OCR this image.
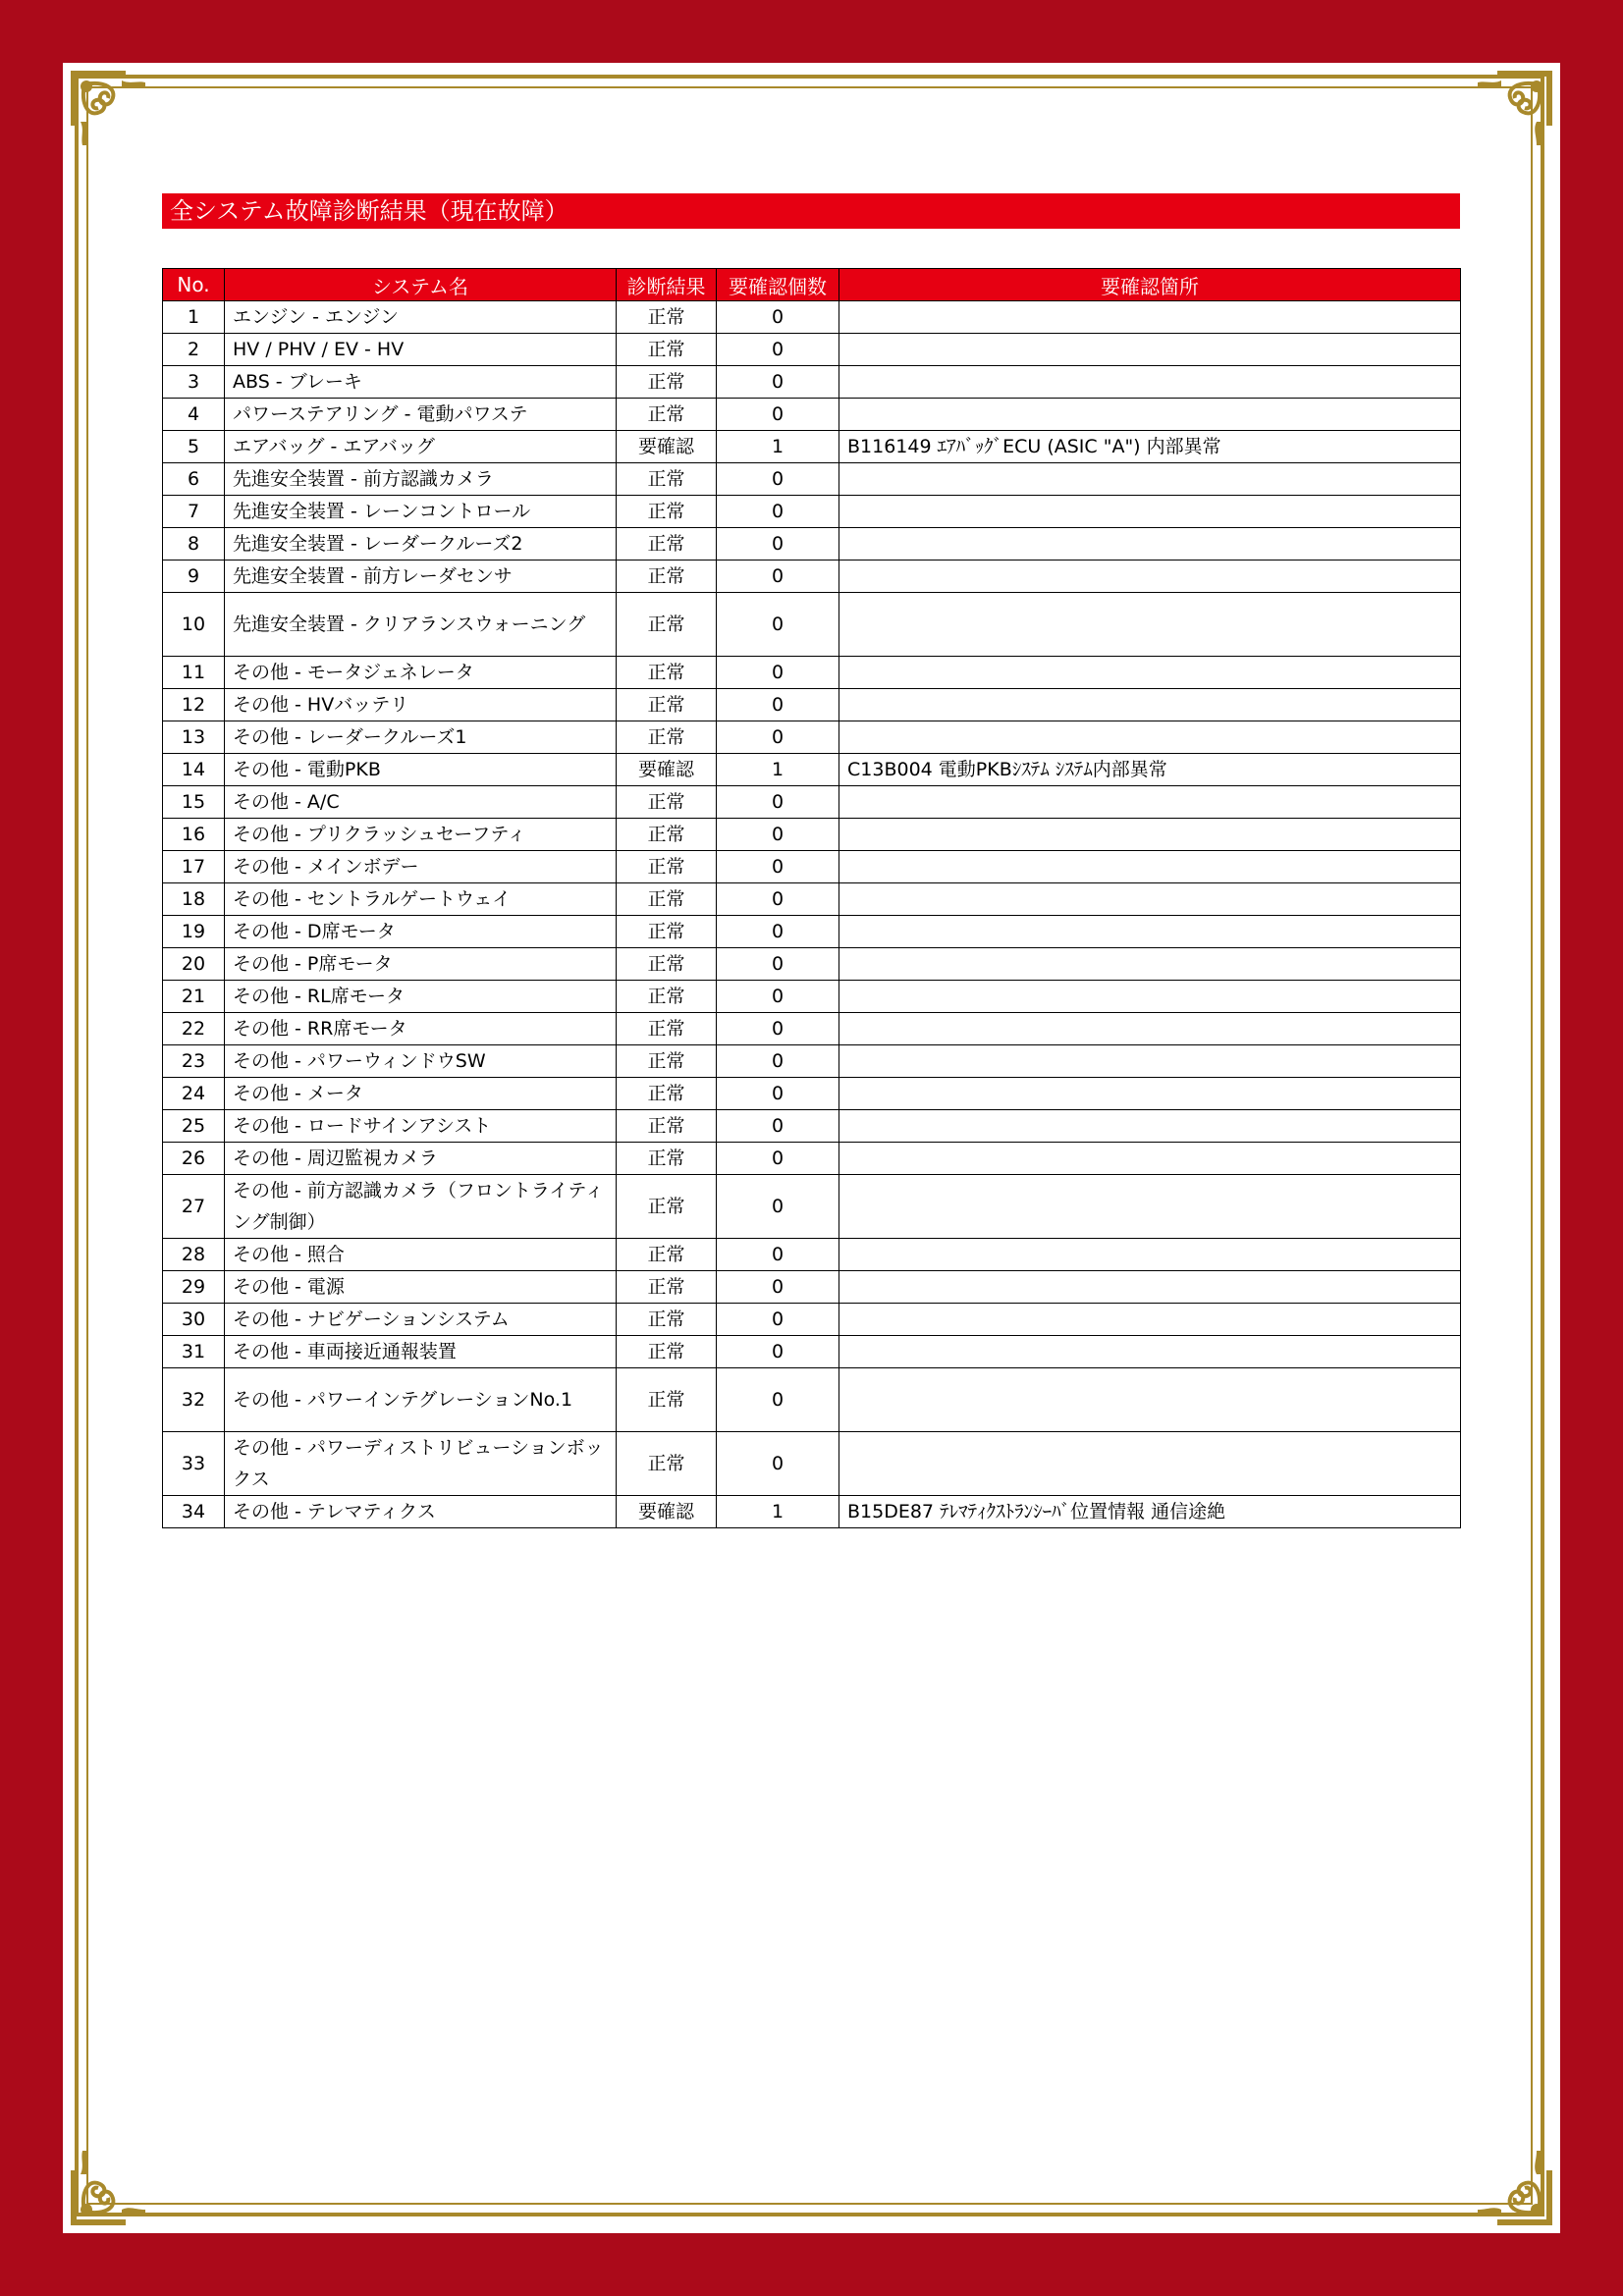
全システム故障診断結果（現在故障）
No.	システム名	診断結果	要確認個数	要確認箇所
1	エンジン - エンジン	正常	0	
2	HV / PHV / EV - HV	正常	0	
3	ABS - ブレーキ	正常	0	
4	パワーステアリング - 電動パワステ	正常	0	
5	エアバッグ - エアバッグ	要確認	1	B116149 ｴｱﾊﾞｯｸﾞECU (ASIC "A") 内部異常
6	先進安全装置 - 前方認識カメラ	正常	0	
7	先進安全装置 - レーンコントロール	正常	0	
8	先進安全装置 - レーダークルーズ2	正常	0	
9	先進安全装置 - 前方レーダセンサ	正常	0	
10	先進安全装置 - クリアランスウォーニング	正常	0	
11	その他 - モータジェネレータ	正常	0	
12	その他 - HVバッテリ	正常	0	
13	その他 - レーダークルーズ1	正常	0	
14	その他 - 電動PKB	要確認	1	C13B004 電動PKBｼｽﾃﾑ ｼｽﾃﾑ内部異常
15	その他 - A/C	正常	0	
16	その他 - プリクラッシュセーフティ	正常	0	
17	その他 - メインボデー	正常	0	
18	その他 - セントラルゲートウェイ	正常	0	
19	その他 - D席モータ	正常	0	
20	その他 - P席モータ	正常	0	
21	その他 - RL席モータ	正常	0	
22	その他 - RR席モータ	正常	0	
23	その他 - パワーウィンドウSW	正常	0	
24	その他 - メータ	正常	0	
25	その他 - ロードサインアシスト	正常	0	
26	その他 - 周辺監視カメラ	正常	0	
27	その他 - 前方認識カメラ（フロントライティング制御）	正常	0	
28	その他 - 照合	正常	0	
29	その他 - 電源	正常	0	
30	その他 - ナビゲーションシステム	正常	0	
31	その他 - 車両接近通報装置	正常	0	
32	その他 - パワーインテグレーションNo.1	正常	0	
33	その他 - パワーディストリビューションボックス	正常	0	
34	その他 - テレマティクス	要確認	1	B15DE87 ﾃﾚﾏﾃｨｸｽﾄﾗﾝｼｰﾊﾞ位置情報 通信途絶
